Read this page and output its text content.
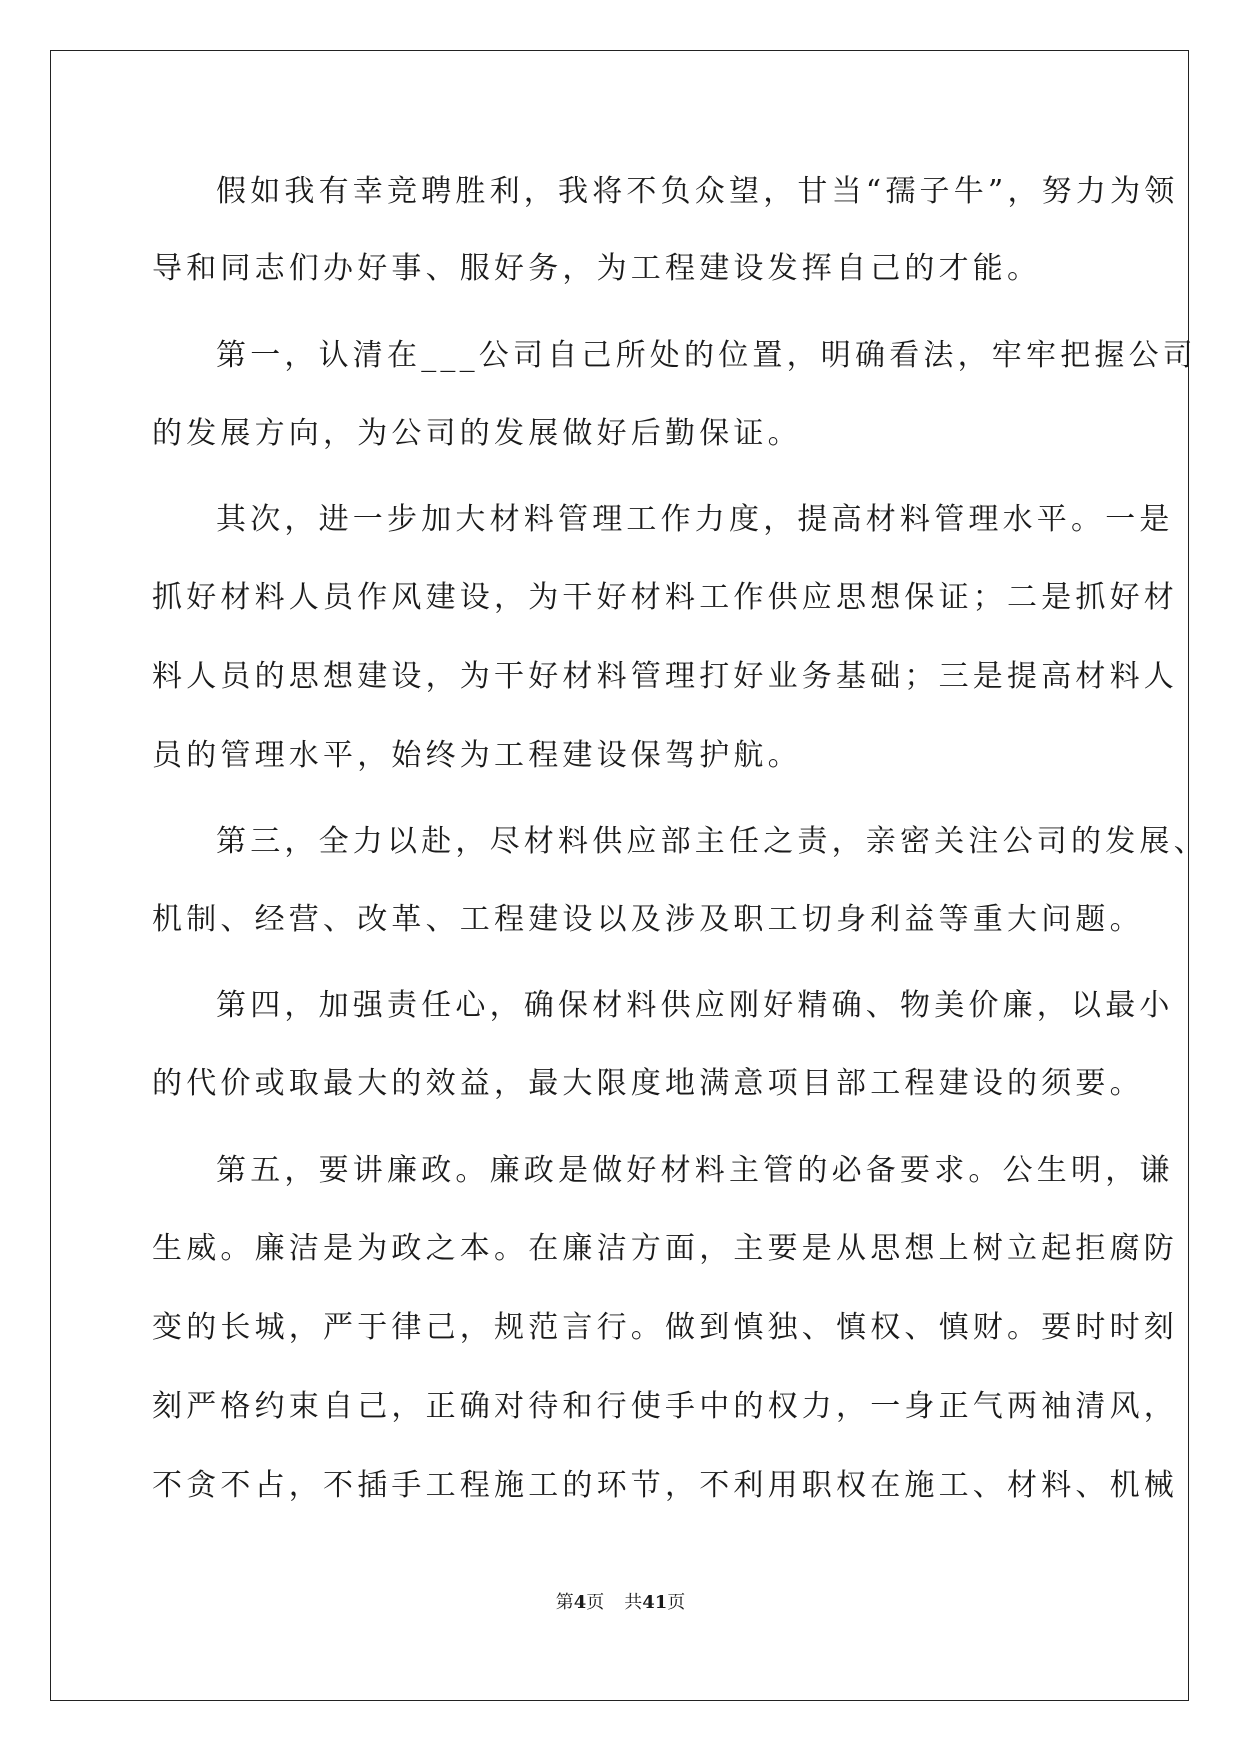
假如我有幸竞聘胜利，我将不负众望，甘当“孺子牛”，努力为领
导和同志们办好事、服好务，为工程建设发挥自己的才能。
第一，认清在___公司自己所处的位置，明确看法，牢牢把握公司
的发展方向，为公司的发展做好后勤保证。
其次，进一步加大材料管理工作力度，提高材料管理水平。一是
抓好材料人员作风建设，为干好材料工作供应思想保证；二是抓好材
料人员的思想建设，为干好材料管理打好业务基础；三是提高材料人
员的管理水平，始终为工程建设保驾护航。
第三，全力以赴，尽材料供应部主任之责，亲密关注公司的发展、
机制、经营、改革、工程建设以及涉及职工切身利益等重大问题。
第四，加强责任心，确保材料供应刚好精确、物美价廉，以最小
的代价或取最大的效益，最大限度地满意项目部工程建设的须要。
第五，要讲廉政。廉政是做好材料主管的必备要求。公生明，谦
生威。廉洁是为政之本。在廉洁方面，主要是从思想上树立起拒腐防
变的长城，严于律己，规范言行。做到慎独、慎权、慎财。要时时刻
刻严格约束自己，正确对待和行使手中的权力，一身正气两袖清风，
不贪不占，不插手工程施工的环节，不利用职权在施工、材料、机械
第4页 共41页
